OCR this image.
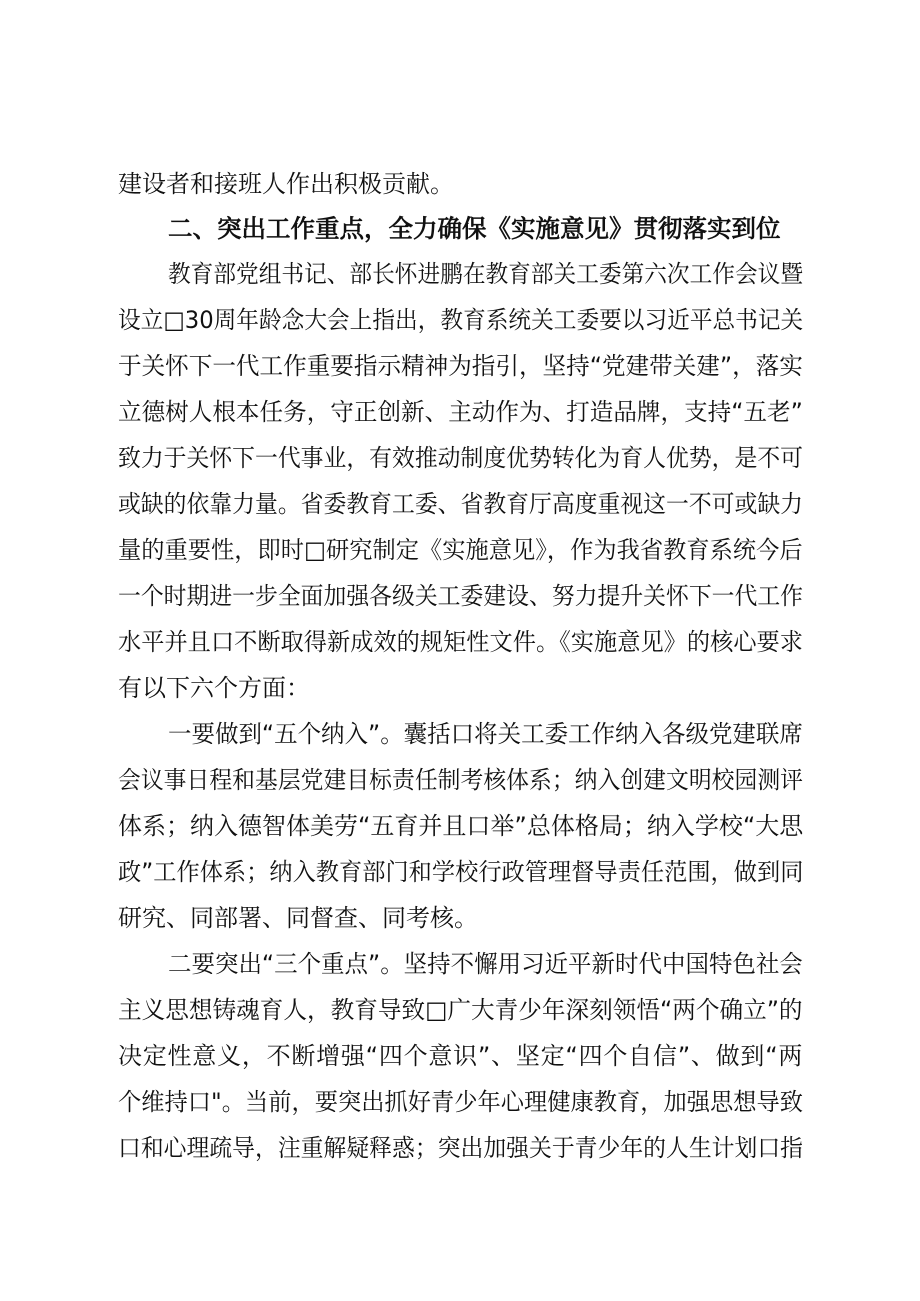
建设者和接班人作出积极贡献。
二、突出工作重点，全力确保《实施意见》贯彻落实到位
教育部党组书记、部长怀进鹏在教育部关工委第六次工作会议暨
设立□30周年龄念大会上指出，教育系统关工委要以习近平总书记关
于关怀下一代工作重要指示精神为指引，坚持“党建带关建”，落实
立德树人根本任务，守正创新、主动作为、打造品牌，支持“五老”
致力于关怀下一代事业，有效推动制度优势转化为育人优势，是不可
或缺的依靠力量。省委教育工委、省教育厅高度重视这一不可或缺力
量的重要性，即时□研究制定《实施意见》，作为我省教育系统今后
一个时期进一步全面加强各级关工委建设、努力提升关怀下一代工作
水平并且口不断取得新成效的规矩性文件。《实施意见》的核心要求
有以下六个方面：
一要做到“五个纳入”。囊括口将关工委工作纳入各级党建联席
会议事日程和基层党建目标责任制考核体系；纳入创建文明校园测评
体系；纳入德智体美劳“五育并且口举”总体格局；纳入学校“大思
政”工作体系；纳入教育部门和学校行政管理督导责任范围，做到同
研究、同部署、同督查、同考核。
二要突出“三个重点”。坚持不懈用习近平新时代中国特色社会
主义思想铸魂育人，教育导致□广大青少年深刻领悟“两个确立”的
决定性意义，不断增强“四个意识”、坚定“四个自信”、做到“两
个维持口"。当前，要突出抓好青少年心理健康教育，加强思想导致
口和心理疏导，注重解疑释惑；突出加强关于青少年的人生计划口指
